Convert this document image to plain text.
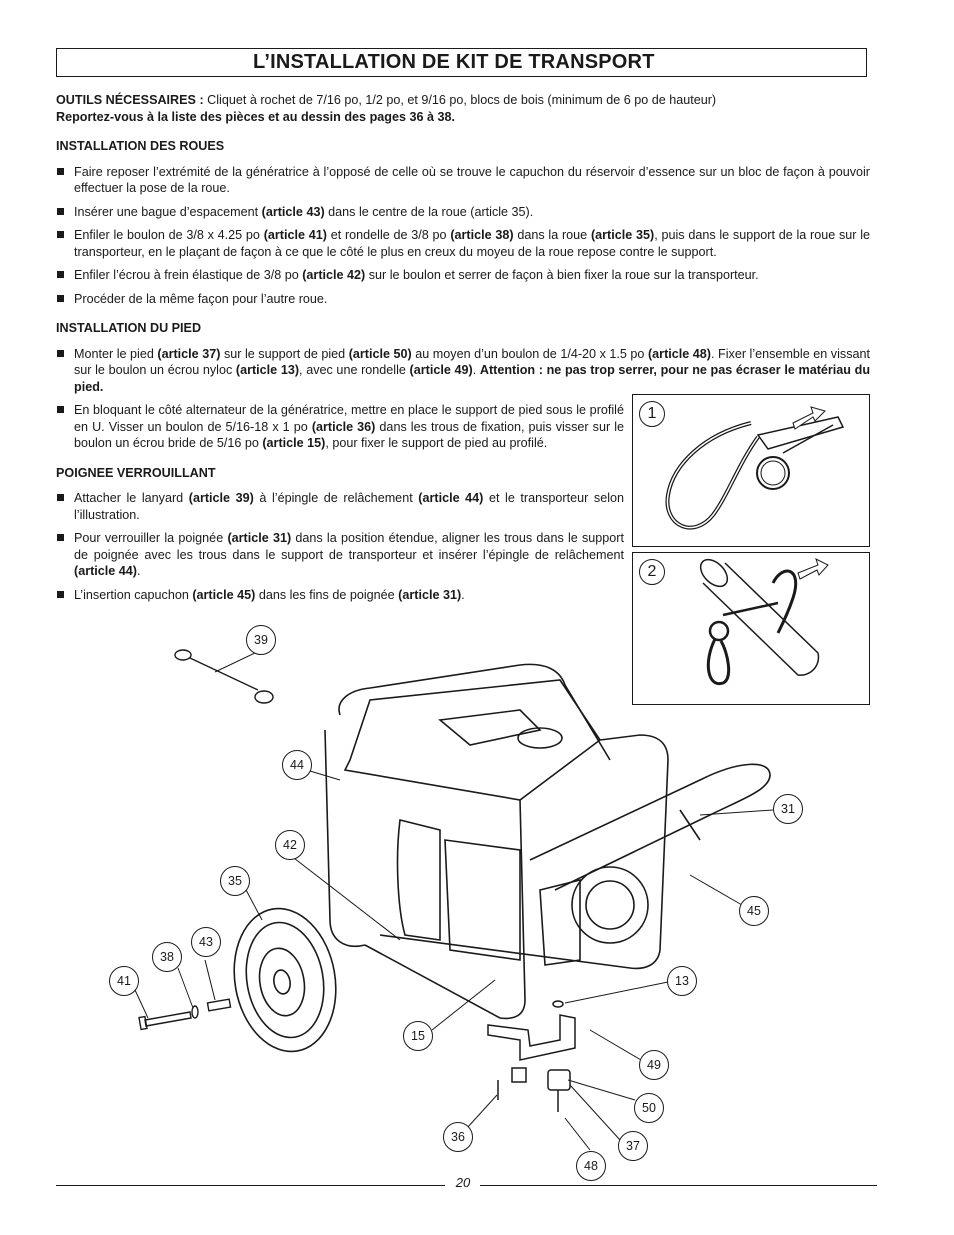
L’INSTALLATION DE KIT DE TRANSPORT

OUTILS NÉCESSAIRES : Cliquet à rochet de 7/16 po, 1/2 po, et 9/16 po, blocs de bois (minimum de 6 po de hauteur)
Reportez-vous à la liste des pièces et au dessin des pages 36 à 38.

INSTALLATION DES ROUES
Faire reposer l’extrémité de la génératrice à l’opposé de celle où se trouve le capuchon du réservoir d’essence sur un bloc de façon à pouvoir effectuer la pose de la roue.
Insérer une bague d’espacement (article 43) dans le centre de la roue (article 35).
Enfiler le boulon de 3/8 x 4.25 po (article 41) et rondelle de 3/8 po (article 38) dans la roue (article 35), puis dans le support de la roue sur le transporteur, en le plaçant de façon à ce que le côté le plus en creux du moyeu de la roue repose contre le support.
Enfiler l’écrou à frein élastique de 3/8 po (article 42) sur le boulon et serrer de façon à bien fixer la roue sur la transporteur.
Procéder de la même façon pour l’autre roue.
INSTALLATION DU PIED
Monter le pied (article 37) sur le support de pied (article 50) au moyen d’un boulon de 1/4-20 x 1.5 po (article 48). Fixer l’ensemble en vissant sur le boulon un écrou nyloc (article 13), avec une rondelle (article 49). Attention : ne pas trop serrer, pour ne pas écraser le matériau du pied.
En bloquant le côté alternateur de la génératrice, mettre en place le support de pied sous le profilé en U. Visser un boulon de 5/16-18 x 1 po (article 36) dans les trous de fixation, puis visser sur le boulon un écrou bride de 5/16 po (article 15), pour fixer le support de pied au profilé.
POIGNEE VERROUILLANT
Attacher le lanyard (article 39) à l’épingle de relâchement (article 44) et le transporteur selon l’illustration.
Pour verrouiller la poignée (article 31) dans la position étendue, aligner les trous dans le support de poignée avec les trous dans le support de transporteur et insérer l’épingle de relâchement (article 44).
L’insertion capuchon (article 45) dans les fins de poignée (article 31).
1
2
39
44
42
35
43
38
41
15
31
45
13
49
50
36
37
48
20
